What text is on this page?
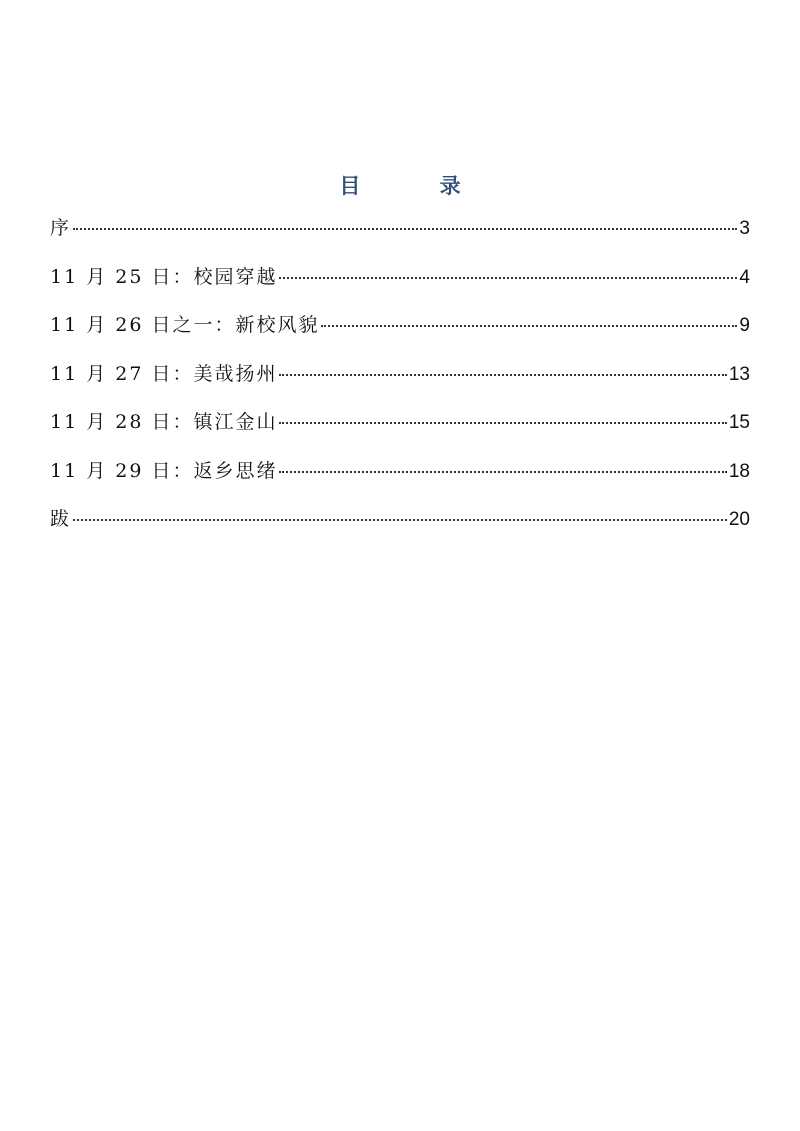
目 录
序	3
11 月 25 日：校园穿越	4
11 月 26 日之一：新校风貌	9
11 月 27 日：美哉扬州	13
11 月 28 日：镇江金山	15
11 月 29 日：返乡思绪	18
跋	20
